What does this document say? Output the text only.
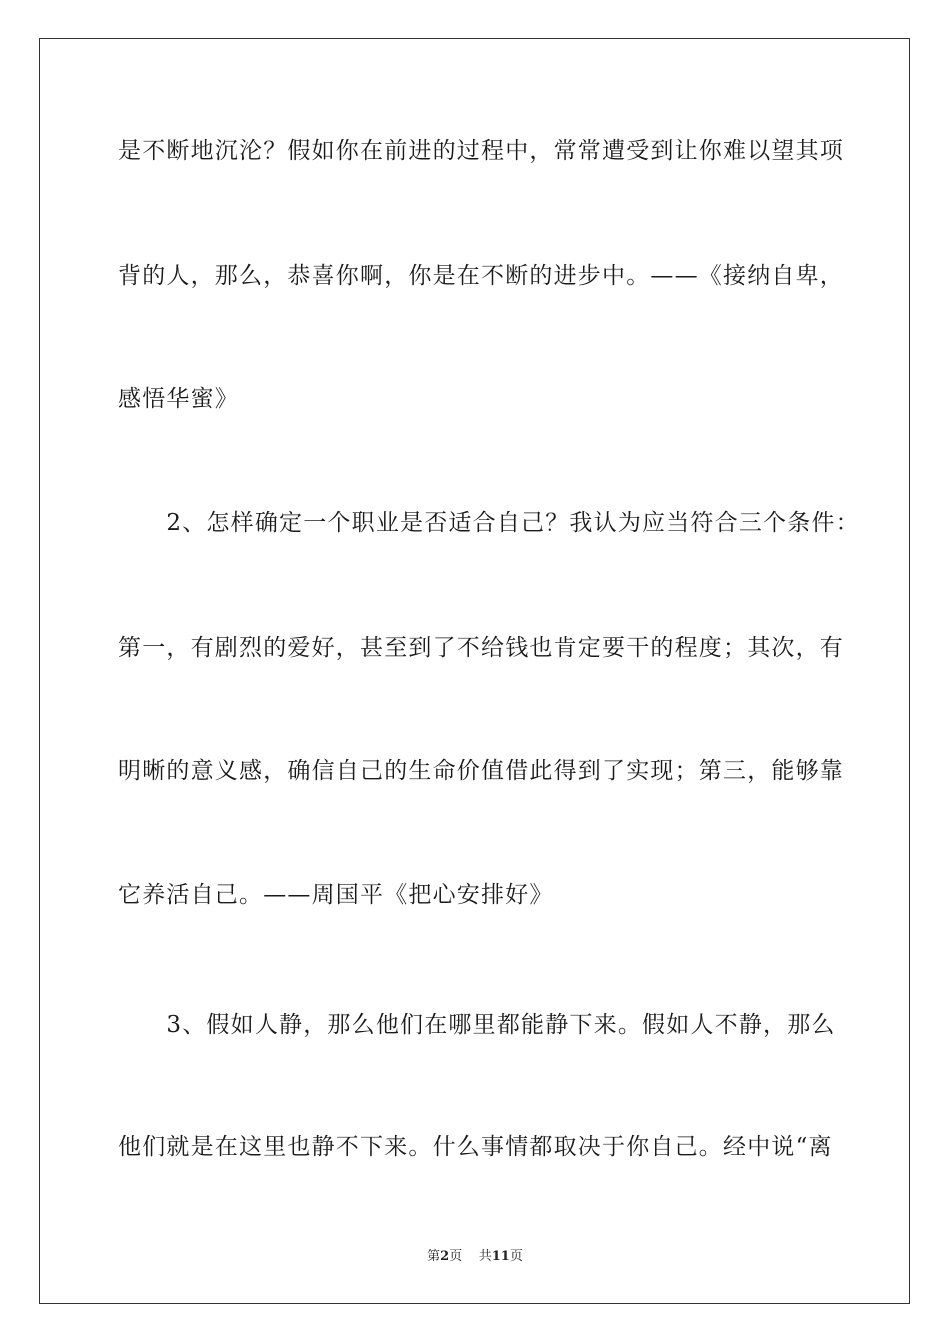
是不断地沉沦？假如你在前进的过程中，常常遭受到让你难以望其项
背的人，那么，恭喜你啊，你是在不断的进步中。——《接纳自卑，
感悟华蜜》
　　2、怎样确定一个职业是否适合自己？我认为应当符合三个条件：
第一，有剧烈的爱好，甚至到了不给钱也肯定要干的程度；其次，有
明晰的意义感，确信自己的生命价值借此得到了实现；第三，能够靠
它养活自己。——周国平《把心安排好》
　　3、假如人静，那么他们在哪里都能静下来。假如人不静，那么
他们就是在这里也静不下来。什么事情都取决于你自己。经中说“离
第2页 共11页
